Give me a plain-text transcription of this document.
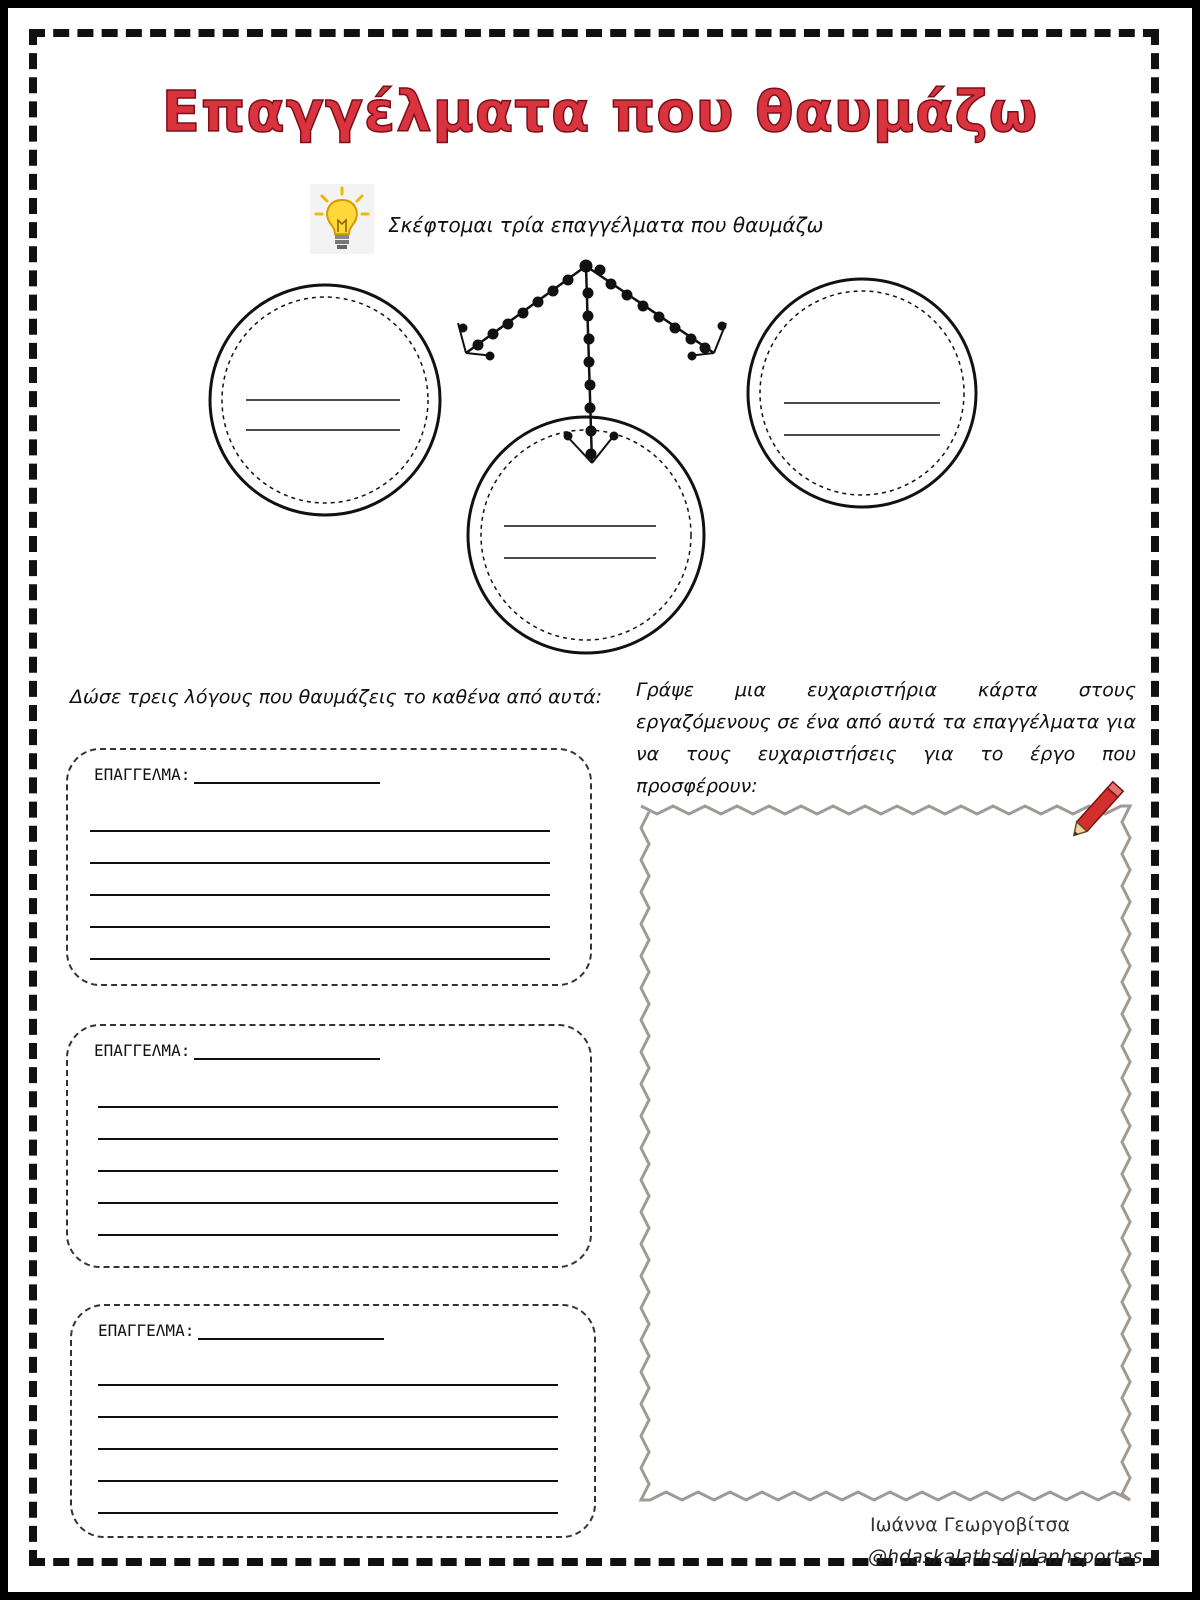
Επαγγέλματα που θαυμάζω
Σκέφτομαι τρία επαγγέλματα που θαυμάζω
Δώσε τρεις λόγους που θαυμάζεις το καθένα από αυτά:
ΕΠΑΓΓΕΛΜΑ:
ΕΠΑΓΓΕΛΜΑ:
ΕΠΑΓΓΕΛΜΑ:
Γράψε μια ευχαριστήρια κάρτα στους εργαζόμενους σε ένα από αυτά τα επαγγέλματα για να τους ευχαριστήσεις για το έργο που προσφέρουν:
Ιωάννα Γεωργοβίτσα
@hdaskalathsdiplanhsportas
